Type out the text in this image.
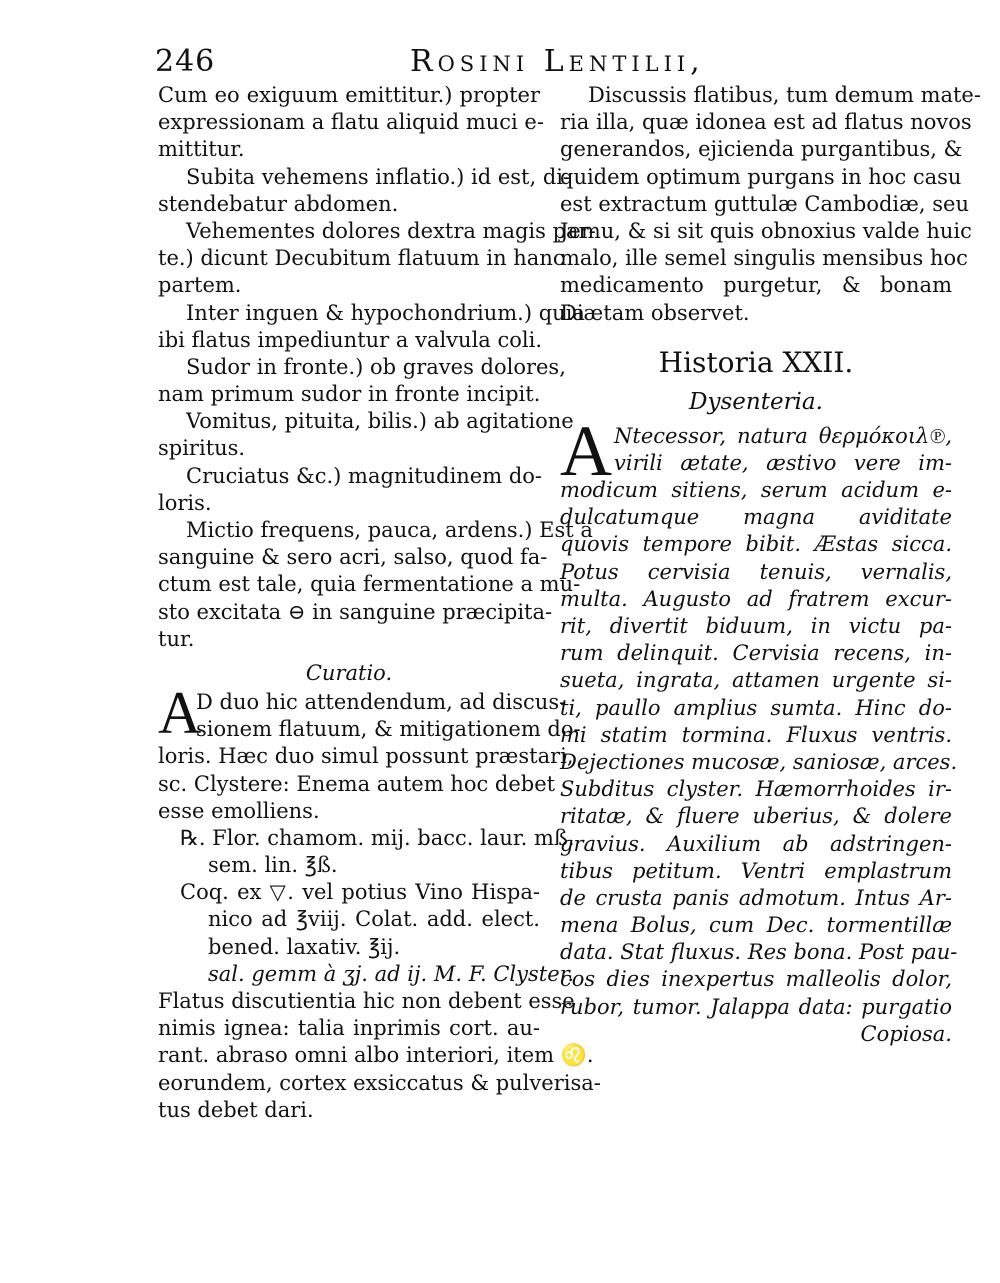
246	Rosini Lentilii,
Cum eo exiguum emittitur.) propter
expressionam a flatu aliquid muci e-
mittitur.
Subita vehemens inflatio.) id est, di-
stendebatur abdomen.
Vehementes dolores dextra magis par-
te.) dicunt Decubitum flatuum in hanc
partem.
Inter inguen & hypochondrium.) quia
ibi flatus impediuntur a valvula coli.
Sudor in fronte.) ob graves dolores,
nam primum sudor in fronte incipit.
Vomitus, pituita, bilis.) ab agitatione
spiritus.
Cruciatus &c.) magnitudinem do-
loris.
Mictio frequens, pauca, ardens.) Est a
sanguine & sero acri, salso, quod fa-
ctum est tale, quia fermentatione a mu-
sto excitata ⊖ in sanguine præcipita-
tur.
Curatio.
A
D duo hic attendendum, ad discus-
sionem flatuum, & mitigationem do-
loris. Hæc duo simul possunt præstari,
sc. Clystere: Enema autem hoc debet
esse emolliens.
℞. Flor. chamom. mij. bacc. laur. mß.
sem. lin. ℥ß.
Coq. ex ▽. vel potius Vino Hispa-
nico ad ℥viij. Colat. add. elect.
bened. laxativ. ℥ij.
sal. gemm à ʒj. ad ij. M. F. Clyster.
Flatus discutientia hic non debent esse
nimis ignea: talia inprimis cort. au-
rant. abraso omni albo interiori, item ♌.
eorundem, cortex exsiccatus & pulverisa-
tus debet dari.
Discussis flatibus, tum demum mate-
ria illa, quæ idonea est ad flatus novos
generandos, ejicienda purgantibus, &
quidem optimum purgans in hoc casu
est extractum guttulæ Cambodiæ, seu
Jemu, & si sit quis obnoxius valde huic
malo, ille semel singulis mensibus hoc
medicamento purgetur, & bonam
Diætam observet.
Historia XXII.
Dysenteria.
A Ntecessor, natura θερμόκοιλ℗,
virili ætate, æstivo vere im-
modicum sitiens, serum acidum e-
dulcatumque magna aviditate
quovis tempore bibit. Æstas sicca.
Potus cervisia tenuis, vernalis,
multa. Augusto ad fratrem excur-
rit, divertit biduum, in victu pa-
rum delinquit. Cervisia recens, in-
sueta, ingrata, attamen urgente si-
ti, paullo amplius sumta. Hinc do-
mi statim tormina. Fluxus ventris.
Dejectiones mucosæ, saniosæ, arces.
Subditus clyster. Hæmorrhoides ir-
ritatæ, & fluere uberius, & dolere
gravius. Auxilium ab adstringen-
tibus petitum. Ventri emplastrum
de crusta panis admotum. Intus Ar-
mena Bolus, cum Dec. tormentillæ
data. Stat fluxus. Res bona. Post pau-
cos dies inexpertus malleolis dolor,
rubor, tumor. Jalappa data: purgatio
Copiosa.
